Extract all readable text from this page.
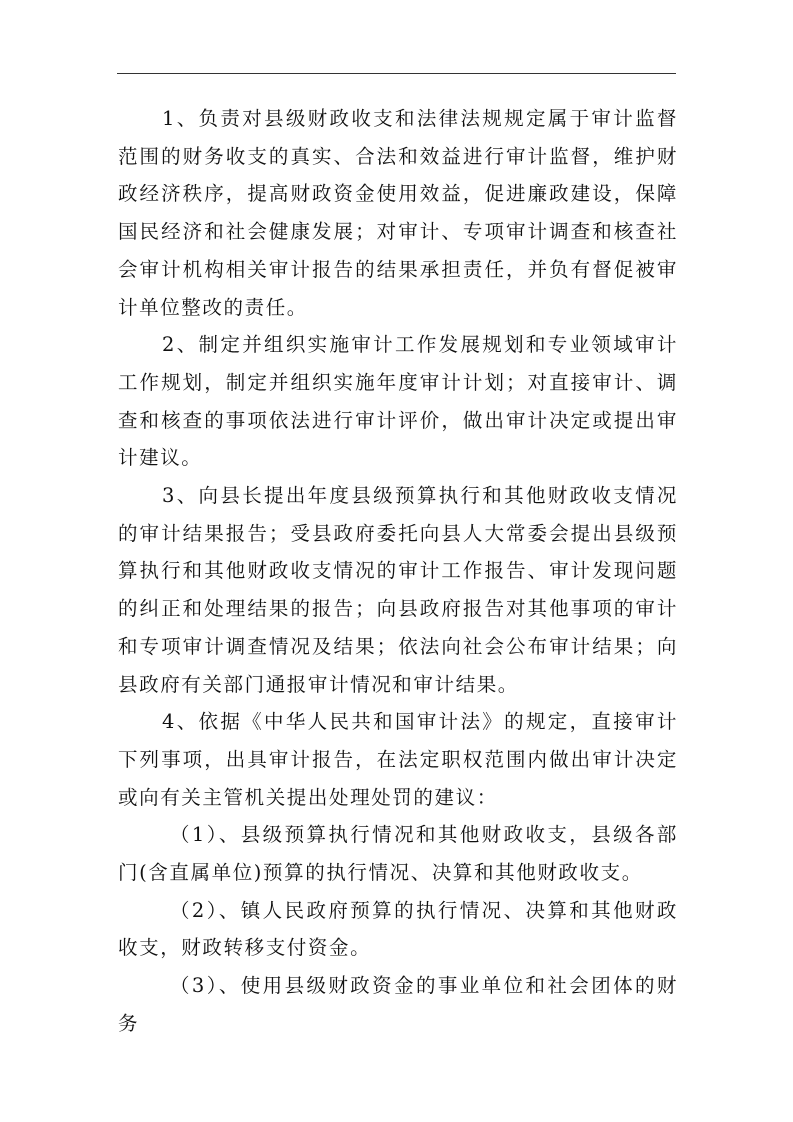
1、负责对县级财政收支和法律法规规定属于审计监督范围的财务收支的真实、合法和效益进行审计监督，维护财政经济秩序，提高财政资金使用效益，促进廉政建设，保障国民经济和社会健康发展；对审计、专项审计调查和核查社会审计机构相关审计报告的结果承担责任，并负有督促被审计单位整改的责任。

2、制定并组织实施审计工作发展规划和专业领域审计工作规划，制定并组织实施年度审计计划；对直接审计、调查和核查的事项依法进行审计评价，做出审计决定或提出审计建议。

3、向县长提出年度县级预算执行和其他财政收支情况的审计结果报告；受县政府委托向县人大常委会提出县级预算执行和其他财政收支情况的审计工作报告、审计发现问题的纠正和处理结果的报告；向县政府报告对其他事项的审计和专项审计调查情况及结果；依法向社会公布审计结果；向县政府有关部门通报审计情况和审计结果。

4、依据《中华人民共和国审计法》的规定，直接审计下列事项，出具审计报告，在法定职权范围内做出审计决定或向有关主管机关提出处理处罚的建议：

（1）、县级预算执行情况和其他财政收支，县级各部门(含直属单位)预算的执行情况、决算和其他财政收支。

（2）、镇人民政府预算的执行情况、决算和其他财政收支，财政转移支付资金。

（3）、使用县级财政资金的事业单位和社会团体的财务
